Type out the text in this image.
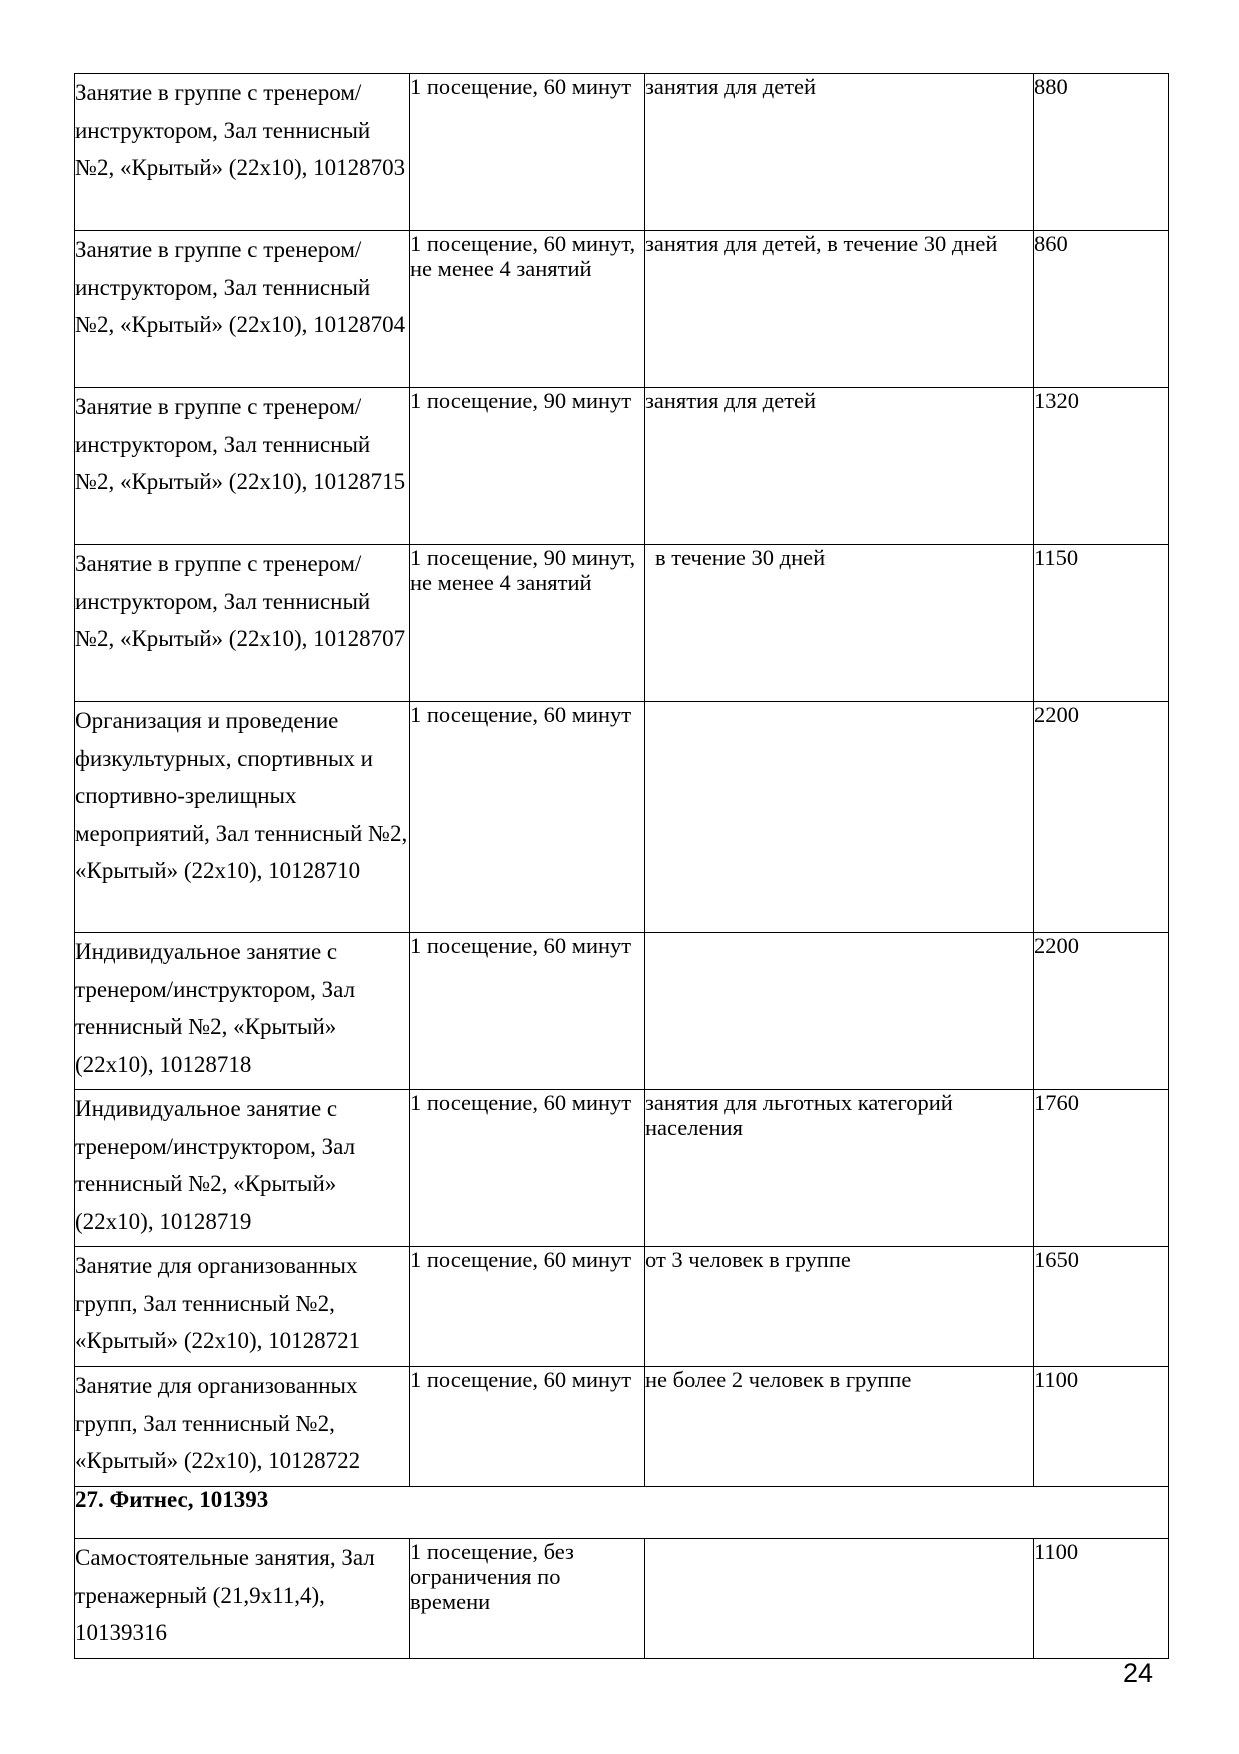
Занятие в группе с тренером/инструктором, Зал теннисный №2, «Крытый» (22х10), 10128703	1 посещение, 60 минут	занятия для детей	880
Занятие в группе с тренером/инструктором, Зал теннисный №2, «Крытый» (22х10), 10128704	1 посещение, 60 минут, не менее 4 занятий	занятия для детей, в течение 30 дней	860
Занятие в группе с тренером/инструктором, Зал теннисный №2, «Крытый» (22х10), 10128715	1 посещение, 90 минут	занятия для детей	1320
Занятие в группе с тренером/инструктором, Зал теннисный №2, «Крытый» (22х10), 10128707	1 посещение, 90 минут, не менее 4 занятий	в течение 30 дней	1150
Организация и проведение физкультурных, спортивных и спортивно-зрелищных мероприятий, Зал теннисный №2, «Крытый» (22х10), 10128710	1 посещение, 60 минут		2200
Индивидуальное занятие с тренером/инструктором, Зал теннисный №2, «Крытый» (22х10), 10128718	1 посещение, 60 минут		2200
Индивидуальное занятие с тренером/инструктором, Зал теннисный №2, «Крытый» (22х10), 10128719	1 посещение, 60 минут	занятия для льготных категорий населения	1760
Занятие для организованных групп, Зал теннисный №2, «Крытый» (22х10), 10128721	1 посещение, 60 минут	от 3 человек в группе	1650
Занятие для организованных групп, Зал теннисный №2, «Крытый» (22х10), 10128722	1 посещение, 60 минут	не более 2 человек в группе	1100
27. Фитнес, 101393			
Самостоятельные занятия, Зал тренажерный (21,9х11,4), 10139316	1 посещение, без ограничения по времени		1100
24
